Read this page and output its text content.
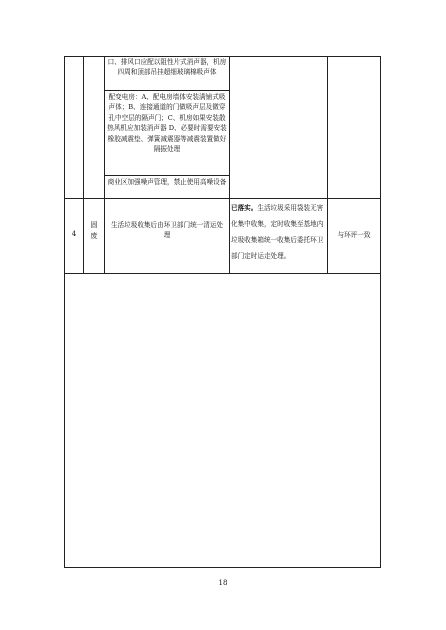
口、排风口应配以阻性片式消声器，机房四周和顶部吊挂超细玻璃棉吸声体
配变电房：A、配电房墙体安装满铺式吸声体；B、连接通道的门做吸声层及微穿孔中空层的隔声门；C、机房如果安装散热风机应加装消声器 D、必要时需要安装橡胶减震垫、弹簧减震器等减震装置做好隔振处理
商业区加强噪声管理，禁止使用高噪设备
4
固废
生活垃圾收集后由环卫部门统一清运处理
已落实。生活垃圾采用袋装无害化集中收集，定时收集至基地内垃圾收集箱统一收集后委托环卫部门定时运走处理。
与环评一致
18
